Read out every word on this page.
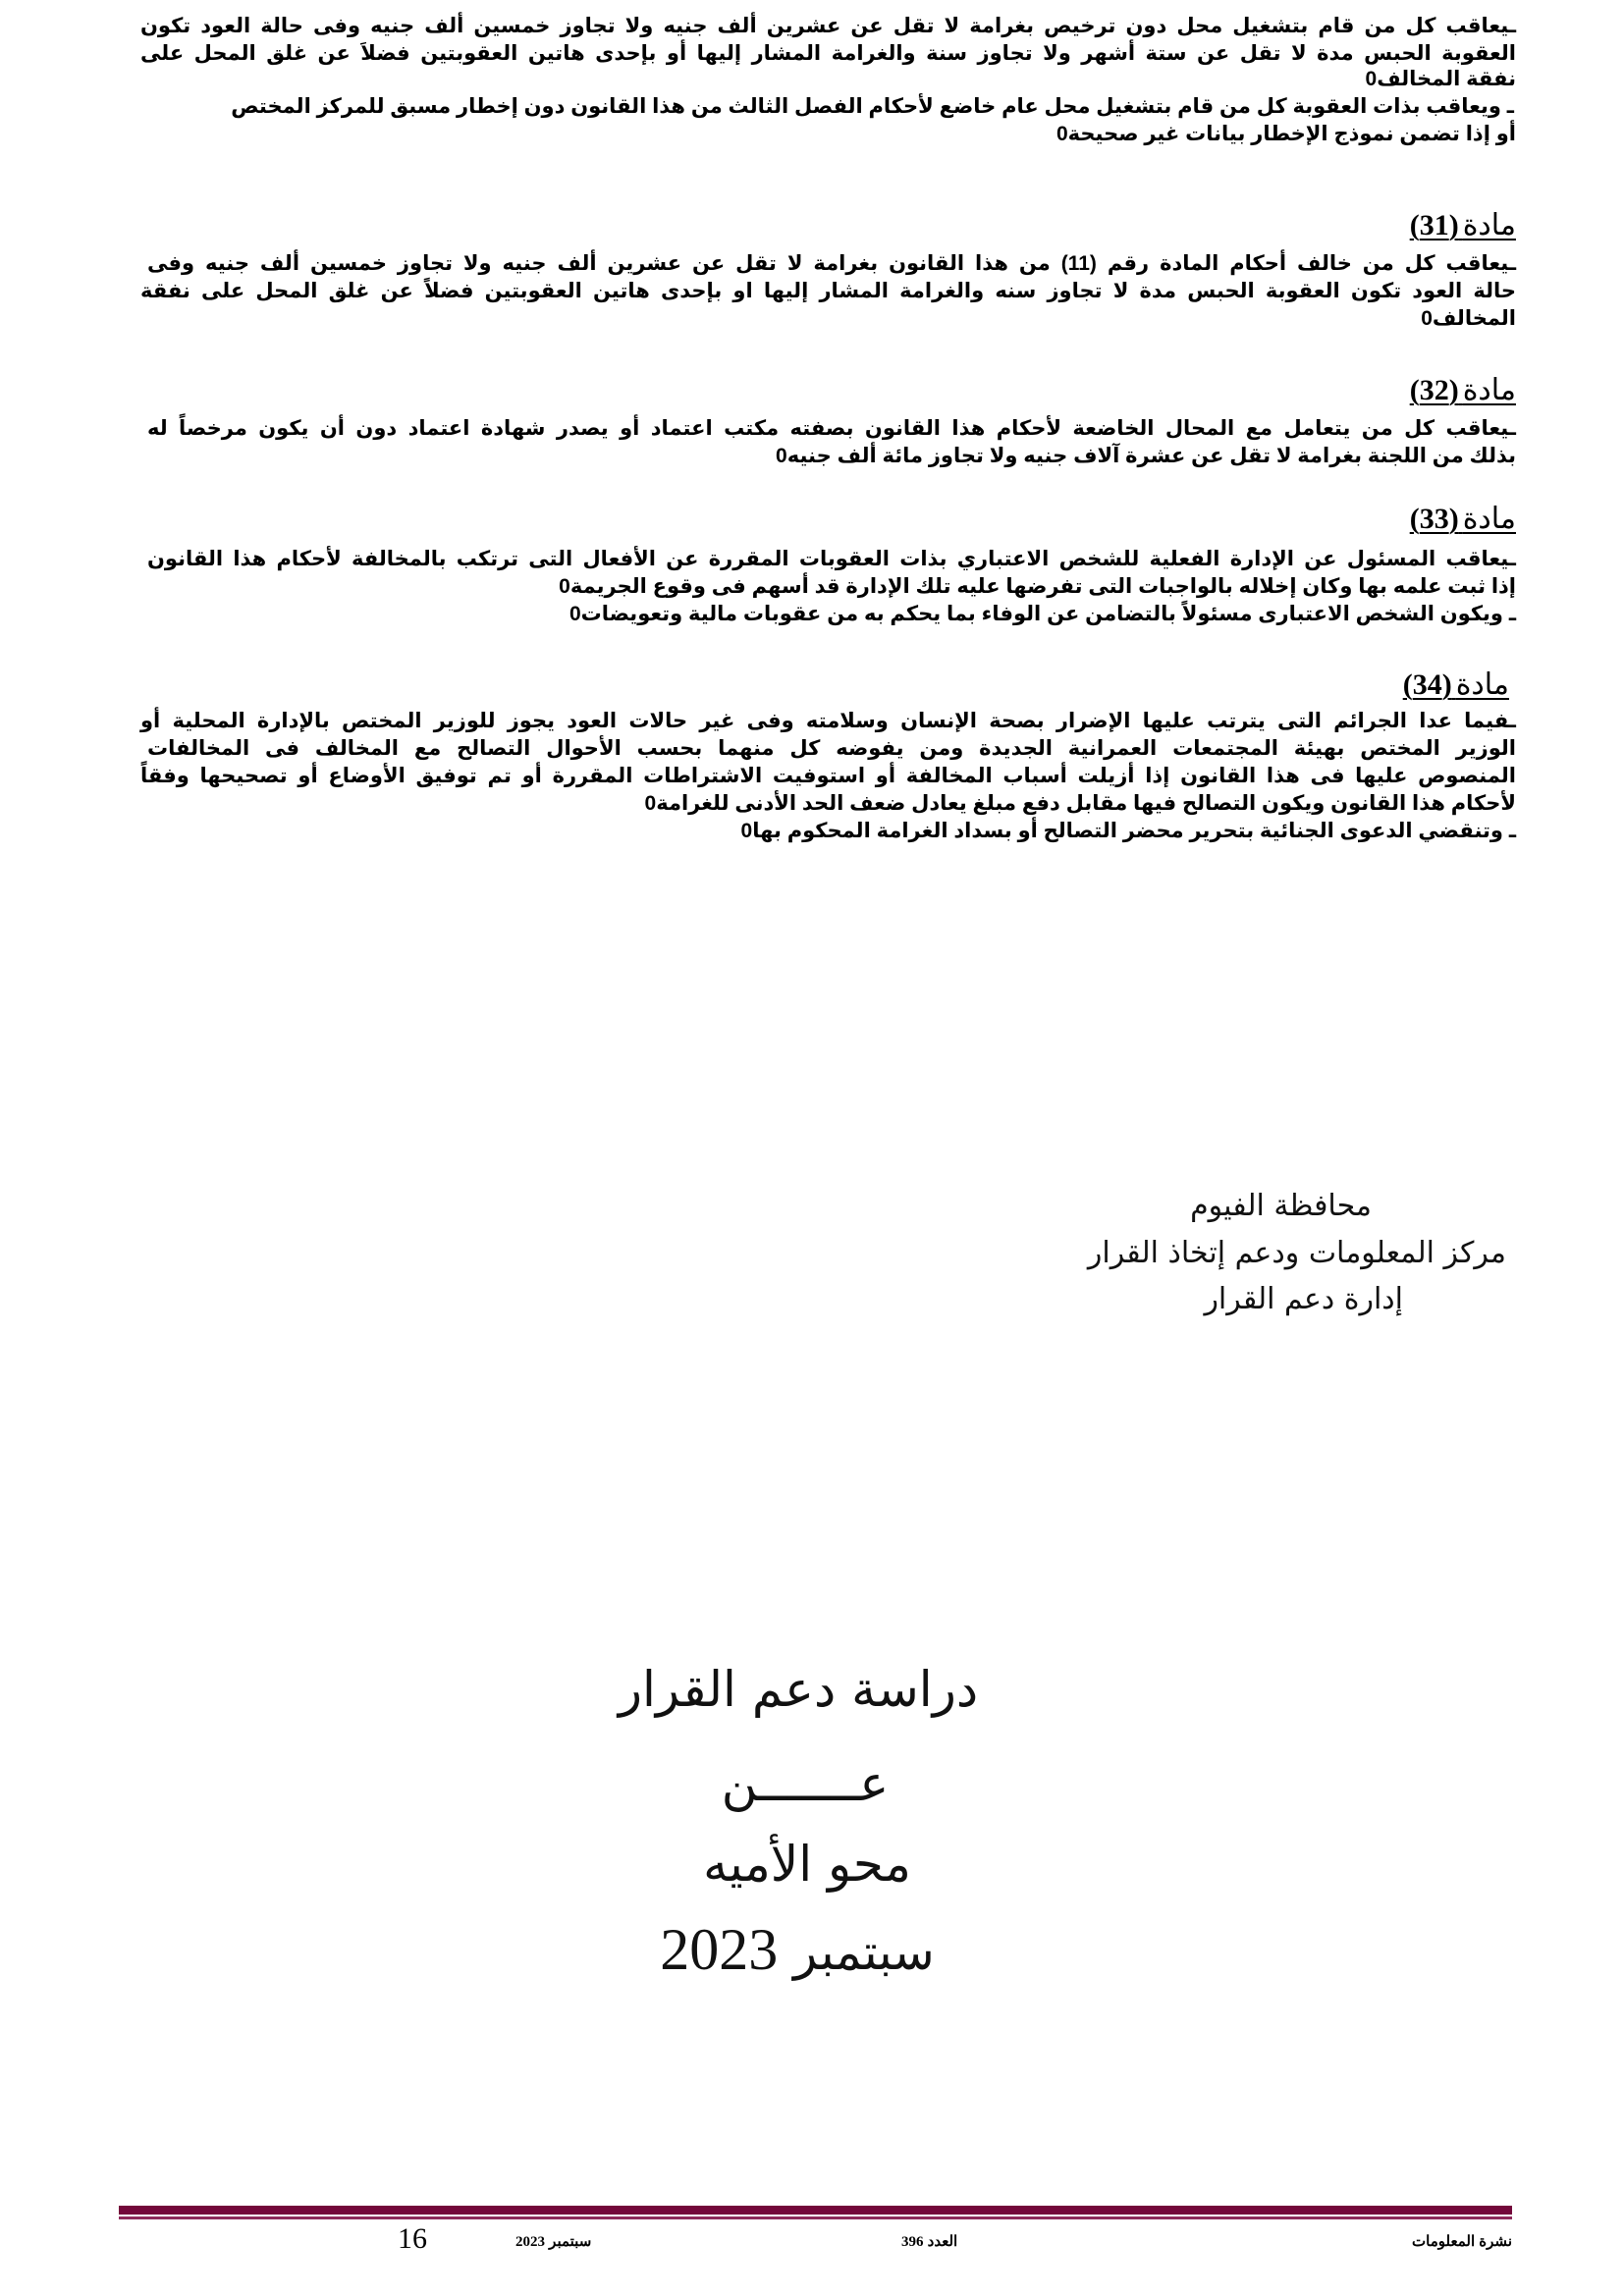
ـيعاقب كل من قام بتشغيل محل دون ترخيص بغرامة لا تقل عن عشرين ألف جنيه ولا تجاوز خمسين ألف جنيه وفى حالة العود تكون
العقوبة الحبس مدة لا تقل عن ستة أشهر ولا تجاوز سنة والغرامة المشار إليها أو بإحدى هاتين العقوبتين فضلاَ عن غلق المحل على
نفقة المخالف0
ـ ويعاقب بذات العقوبة كل من قام بتشغيل محل عام خاضع لأحكام الفصل الثالث من هذا القانون دون إخطار مسبق للمركز المختص
أو إذا تضمن نموذج الإخطار بيانات غير صحيحة0
مادة (31)
ـيعاقب كل من خالف أحكام المادة رقم (11) من هذا القانون بغرامة لا تقل عن عشرين ألف جنيه ولا تجاوز خمسين ألف جنيه وفى
حالة العود تكون العقوبة الحبس مدة لا تجاوز سنه والغرامة المشار إليها او بإحدى هاتين العقوبتين فضلاً عن غلق المحل على نفقة
المخالف0
مادة (32)
ـيعاقب كل من يتعامل مع المحال الخاضعة لأحكام هذا القانون بصفته مكتب اعتماد أو يصدر شهادة اعتماد دون أن يكون مرخصاً له
بذلك من اللجنة بغرامة لا تقل عن عشرة آلاف جنيه ولا تجاوز مائة ألف جنيه0
مادة (33)
ـيعاقب المسئول عن الإدارة الفعلية للشخص الاعتباري بذات العقوبات المقررة عن الأفعال التى ترتكب بالمخالفة لأحكام هذا القانون
إذا ثبت علمه بها وكان إخلاله بالواجبات التى تفرضها عليه تلك الإدارة قد أسهم فى وقوع الجريمة0
ـ ويكون الشخص الاعتبارى مسئولاً بالتضامن عن الوفاء بما يحكم به من عقوبات مالية وتعويضات0
مادة (34)
ـفيما عدا الجرائم التى يترتب عليها الإضرار بصحة الإنسان وسلامته وفى غير حالات العود يجوز للوزير المختص بالإدارة المحلية أو
الوزير المختص بهيئة المجتمعات العمرانية الجديدة ومن يفوضه كل منهما بحسب الأحوال التصالح مع المخالف فى المخالفات
المنصوص عليها فى هذا القانون إذا أزيلت أسباب المخالفة أو استوفيت الاشتراطات المقررة أو تم توفيق الأوضاع أو تصحيحها وفقاً
لأحكام هذا القانون ويكون التصالح فيها مقابل دفع مبلغ يعادل ضعف الحد الأدنى للغرامة0
ـ وتنقضي الدعوى الجنائية بتحرير محضر التصالح أو بسداد الغرامة المحكوم بها0
محافظة الفيوم
مركز المعلومات ودعم إتخاذ القرار
إدارة دعم القرار
دراسة دعم القرار
عـــــــن
محو الأميه
سبتمبر 2023
نشرة المعلومات
العدد 396
سبتمبر 2023
16
